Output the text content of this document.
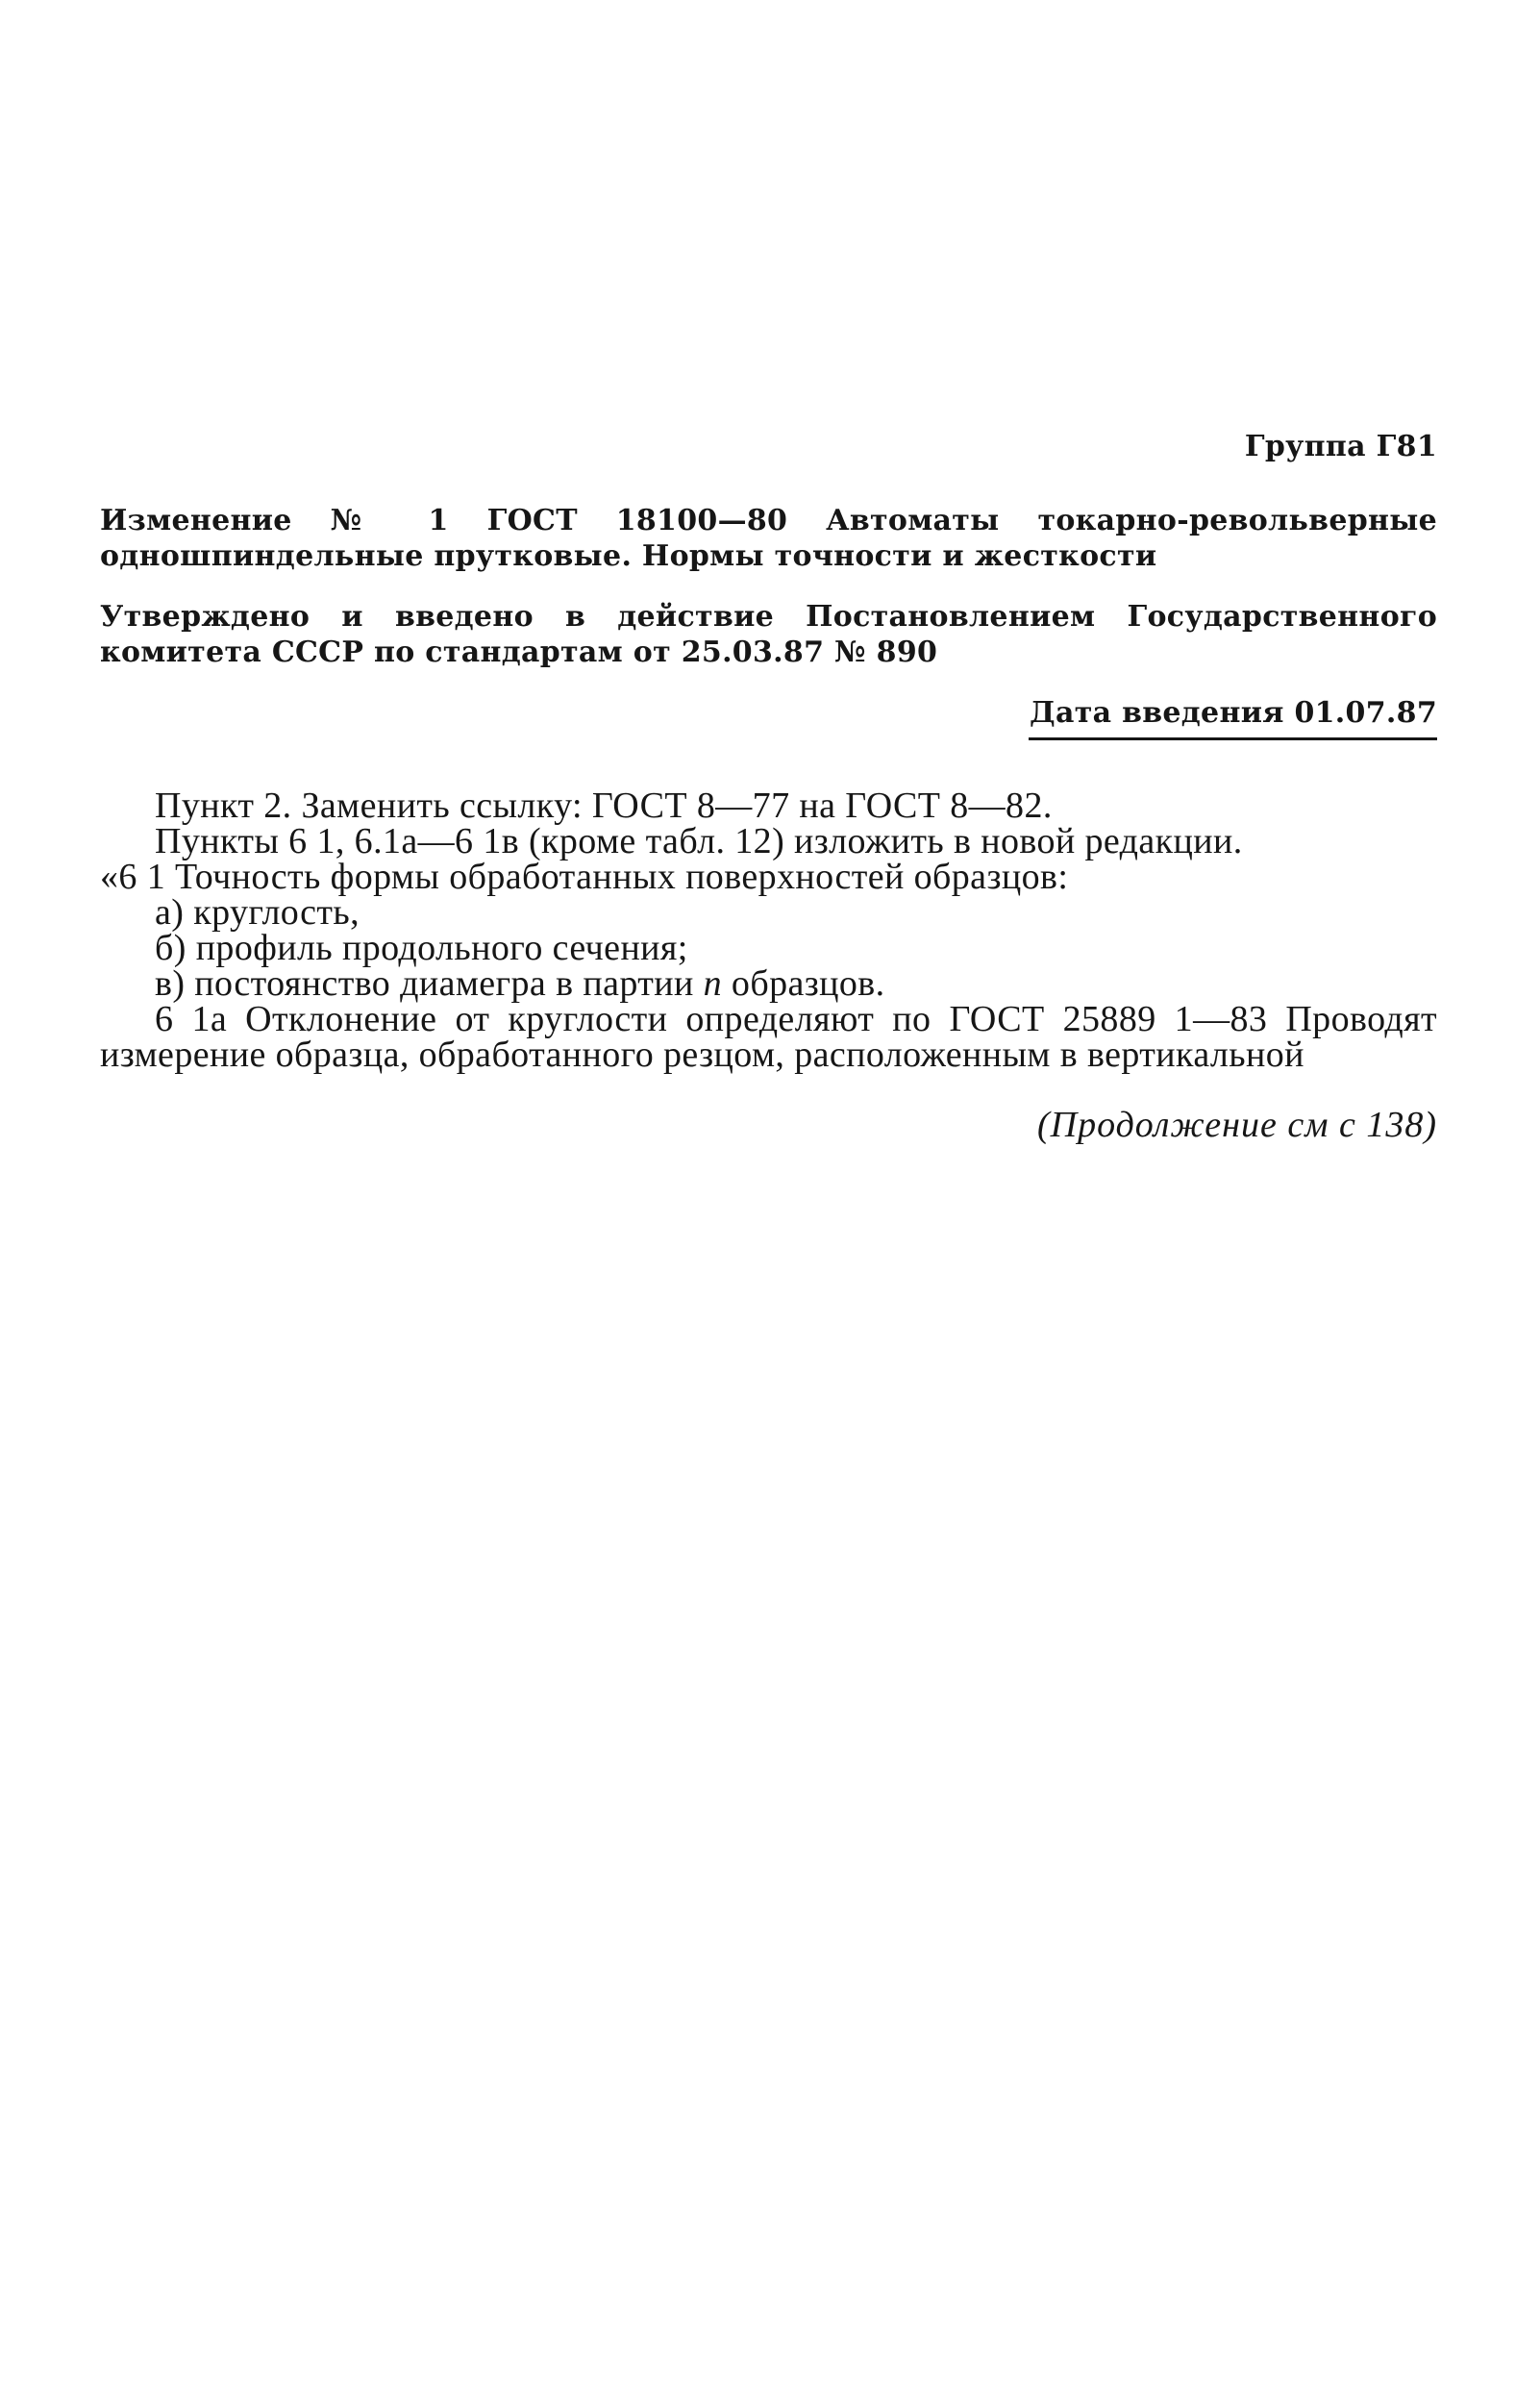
Группа Г81

Изменение № 1 ГОСТ 18100—80 Автоматы токарно-револьверные одношпиндельные прутковые. Нормы точности и жесткости

Утверждено и введено в действие Постановлением Государственного комитета СССР по стандартам от 25.03.87 № 890

Дата введения 01.07.87

Пункт 2. Заменить ссылку: ГОСТ 8—77 на ГОСТ 8—82.

Пункты 6 1, 6.1а—6 1в (кроме табл. 12) изложить в новой редакции.

«6 1 Точность формы обработанных поверхностей образцов:

а) круглость,

б) профиль продольного сечения;

в) постоянство диамегра в партии n образцов.

6 1а Отклонение от круглости определяют по ГОСТ 25889 1—83 Проводят измерение образца, обработанного резцом, расположенным в вертикальной

(Продолжение см с 138)
